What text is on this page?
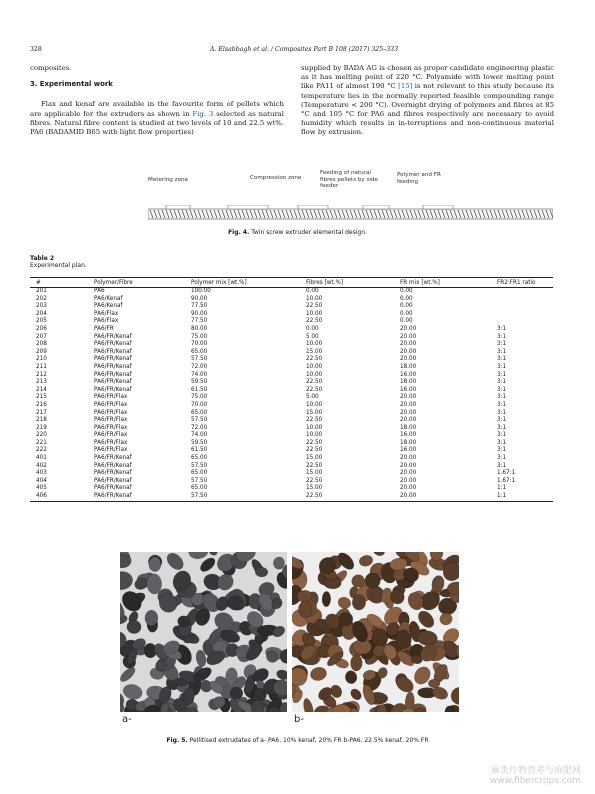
328	A. Elsabbagh et al. / Composites Part B 108 (2017) 325–333

composites.

3. Experimental work

Flax and kenaf are available in the favourite form of pellets which are applicable for the extruders as shown in Fig. 3 selected as natural fibres. Natural fibre content is studied at two levels of 10 and 22.5 wt%. PA6 (BADAMID B65 with light flow properties)

supplied by BADA AG is chosen as proper candidate engineering plastic as it has melting point of 220 °C. Polyamide with lower melting point like PA11 of almost 190 °C [15] is not relevant to this study because its temperature lies in the normally reported feasible compounding range (Temperature < 200 °C). Overnight drying of polymers and fibres at 85 °C and 105 °C for PA6 and fibres respectively are necessary to avoid humidity which results in in-terruptions and non-continuous material flow by extrusion.

Metering zone	Compression zone
Feeding of natural fibres pellets by side feeder
Polymer and FR feeding
Fig. 4. Twin screw extruder elemental design.
Table 2
Experimental plan.
#	Polymer/Fibre	Polymer mix [wt.%]	Fibres [wt.%]	FR mix [wt.%]	FR2:FR1 ratio
201	PA6	100.00	0.00	0.00	
202	PA6/Kenaf	90.00	10.00	0.00	
203	PA6/Kenaf	77.50	22.50	0.00	
204	PA6/Flax	90.00	10.00	0.00	
205	PA6/Flax	77.50	22.50	0.00	
206	PA6/FR	80.00	0.00	20.00	3:1
207	PA6/FR/Kenaf	75.00	5.00	20.00	3:1
208	PA6/FR/Kenaf	70.00	10.00	20.00	3:1
209	PA6/FR/Kenaf	65.00	15.00	20.00	3:1
210	PA6/FR/Kenaf	57.50	22.50	20.00	3:1
211	PA6/FR/Kenaf	72.00	10.00	18.00	3:1
212	PA6/FR/Kenaf	74.00	10.00	16.00	3:1
213	PA6/FR/Kenaf	59.50	22.50	18.00	3:1
214	PA6/FR/Kenaf	61.50	22.50	16.00	3:1
215	PA6/FR/Flax	75.00	5.00	20.00	3:1
216	PA6/FR/Flax	70.00	10.00	20.00	3:1
217	PA6/FR/Flax	65.00	15.00	20.00	3:1
218	PA6/FR/Flax	57.50	22.50	20.00	3:1
219	PA6/FR/Flax	72.00	10.00	18.00	3:1
220	PA6/FR/Flax	74.00	10.00	16.00	3:1
221	PA6/FR/Flax	59.50	22.50	18.00	3:1
222	PA6/FR/Flax	61.50	22.50	16.00	3:1
401	PA6/FR/Kenaf	65.00	15.00	20.00	3:1
402	PA6/FR/Kenaf	57.50	22.50	20.00	3:1
403	PA6/FR/Kenaf	65.00	15.00	20.00	1.67:1
404	PA6/FR/Kenaf	57.50	22.50	20.00	1.67:1
405	PA6/FR/Kenaf	65.00	15.00	20.00	1:1
406	PA6/FR/Kenaf	57.50	22.50	20.00	1:1
a-	b-
Fig. 5. Pellitised extrudates of a- PA6, 10% kenaf, 20% FR b-PA6, 22.5% kenaf, 20% FR
麻类作物营养与施肥网
www.fibercrops.com
